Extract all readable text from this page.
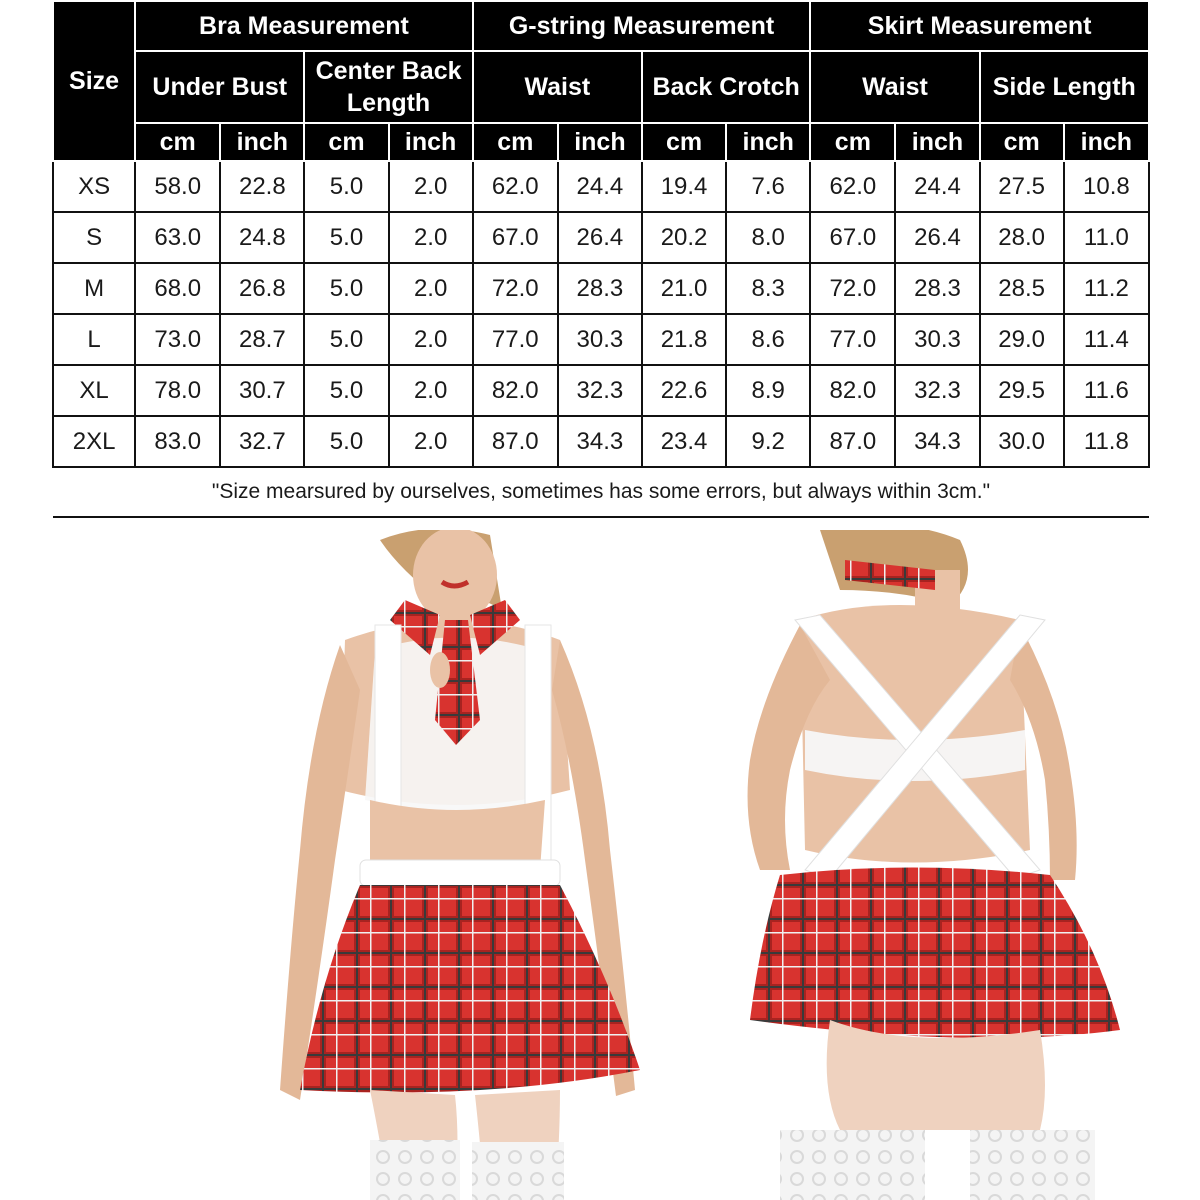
Size	Bra Measurement				G-string Measurement				Skirt Measurement			
	Under Bust		Center Back Length		Waist		Back Crotch		Waist		Side Length	
	cm	inch	cm	inch	cm	inch	cm	inch	cm	inch	cm	inch
XS	58.0	22.8	5.0	2.0	62.0	24.4	19.4	7.6	62.0	24.4	27.5	10.8
S	63.0	24.8	5.0	2.0	67.0	26.4	20.2	8.0	67.0	26.4	28.0	11.0
M	68.0	26.8	5.0	2.0	72.0	28.3	21.0	8.3	72.0	28.3	28.5	11.2
L	73.0	28.7	5.0	2.0	77.0	30.3	21.8	8.6	77.0	30.3	29.0	11.4
XL	78.0	30.7	5.0	2.0	82.0	32.3	22.6	8.9	82.0	32.3	29.5	11.6
2XL	83.0	32.7	5.0	2.0	87.0	34.3	23.4	9.2	87.0	34.3	30.0	11.8
"Size mearsured by ourselves, sometimes has some errors, but always within 3cm."												
